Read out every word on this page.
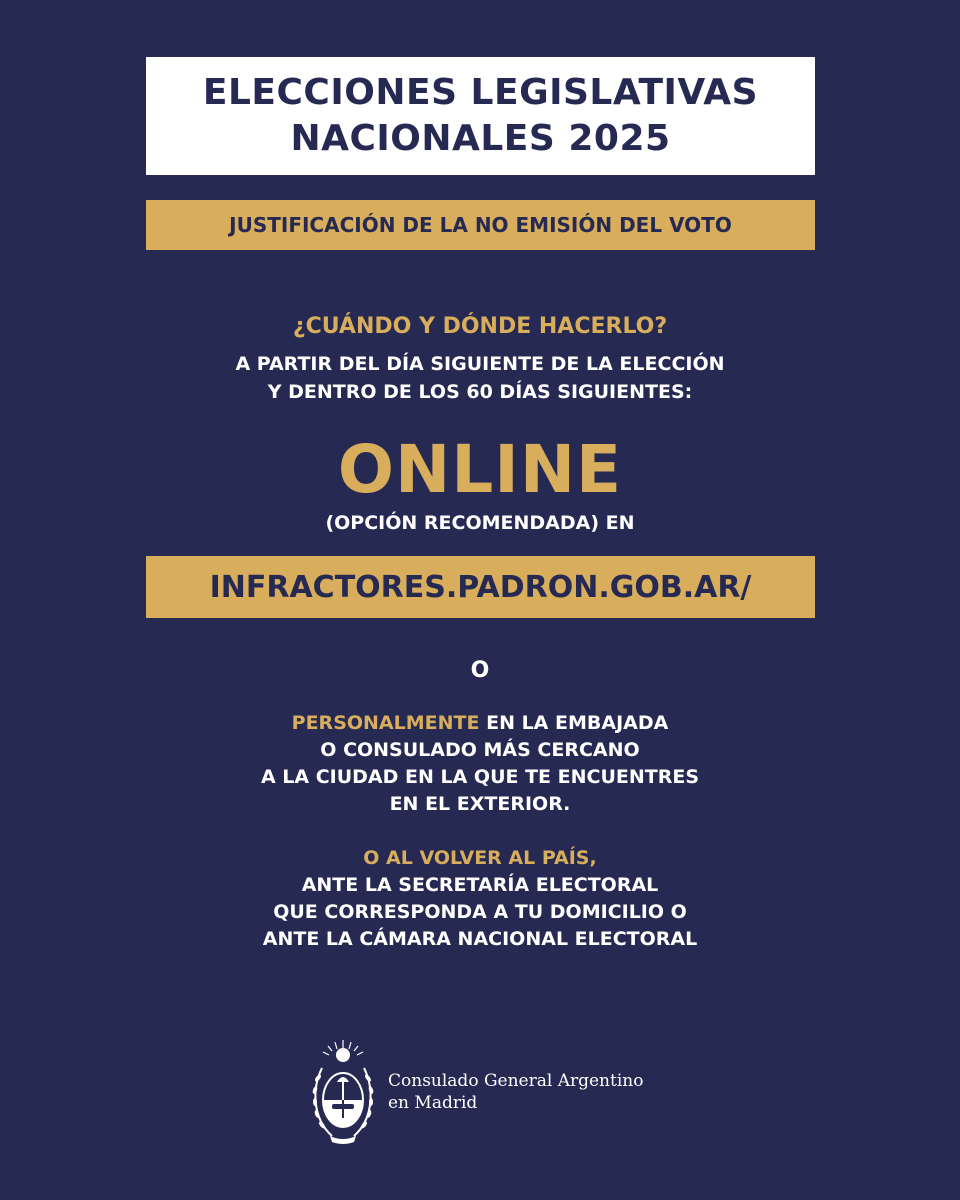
ELECCIONES LEGISLATIVAS
NACIONALES 2025
JUSTIFICACIÓN DE LA NO EMISIÓN DEL VOTO
¿CUÁNDO Y DÓNDE HACERLO?
A PARTIR DEL DÍA SIGUIENTE DE LA ELECCIÓN
Y DENTRO DE LOS 60 DÍAS SIGUIENTES:
ONLINE
(OPCIÓN RECOMENDADA) EN
INFRACTORES.PADRON.GOB.AR/
O
PERSONALMENTE EN LA EMBAJADA
O CONSULADO MÁS CERCANO
A LA CIUDAD EN LA QUE TE ENCUENTRES
EN EL EXTERIOR.
O AL VOLVER AL PAÍS,
ANTE LA SECRETARÍA ELECTORAL
QUE CORRESPONDA A TU DOMICILIO O
ANTE LA CÁMARA NACIONAL ELECTORAL
Consulado General Argentino
en Madrid
